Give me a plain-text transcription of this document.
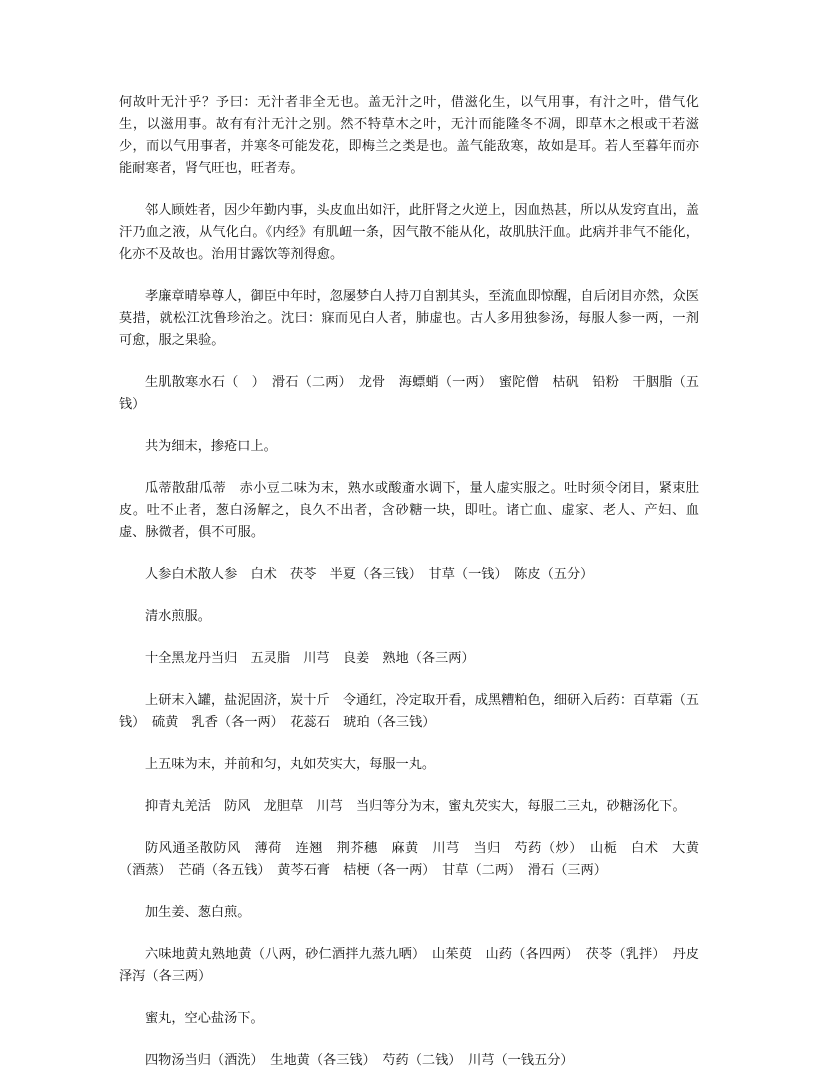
何故叶无汁乎？予曰：无汁者非全无也。盖无汁之叶，借滋化生，以气用事，有汁之叶，借气化生，以滋用事。故有有汁无汁之别。然不特草木之叶，无汁而能隆冬不凋，即草木之根或干若滋少，而以气用事者，并寒冬可能发花，即梅兰之类是也。盖气能敌寒，故如是耳。若人至暮年而亦能耐寒者，肾气旺也，旺者寿。

邻人顾姓者，因少年勤内事，头皮血出如汗，此肝肾之火逆上，因血热甚，所以从发窍直出，盖汗乃血之液，从气化白。《内经》有肌衄一条，因气散不能从化，故肌肤汗血。此病并非气不能化，化亦不及故也。治用甘露饮等剂得愈。

孝廉章晴皋尊人，御臣中年时，忽屡梦白人持刀自割其头，至流血即惊醒，自后闭目亦然，众医莫措，就松江沈鲁珍治之。沈曰：寐而见白人者，肺虚也。古人多用独参汤，每服人参一两，一剂可愈，服之果验。

生肌散寒水石（　）　滑石（二两）　龙骨　海螵蛸（一两）　蜜陀僧　枯矾　铅粉　干胭脂（五钱）

共为细末，掺疮口上。

瓜蒂散甜瓜蒂　赤小豆二味为末，熟水或酸齑水调下，量人虚实服之。吐时须令闭目，紧束肚皮。吐不止者，葱白汤解之，良久不出者，含砂糖一块，即吐。诸亡血、虚家、老人、产妇、血虚、脉微者，俱不可服。

人参白术散人参　白术　茯苓　半夏（各三钱）　甘草（一钱）　陈皮（五分）

清水煎服。

十全黑龙丹当归　五灵脂　川芎　良姜　熟地（各三两）

上研末入罐，盐泥固济，炭十斤　令通红，冷定取开看，成黑糟粕色，细研入后药：百草霜（五钱）　硫黄　乳香（各一两）　花蕊石　琥珀（各三钱）

上五味为末，并前和匀，丸如芡实大，每服一丸。

抑青丸羌活　防风　龙胆草　川芎　当归等分为末，蜜丸芡实大，每服二三丸，砂糖汤化下。

防风通圣散防风　薄荷　连翘　荆芥穗　麻黄　川芎　当归　芍药（炒）　山栀　白术　大黄（酒蒸）　芒硝（各五钱）　黄芩石膏　桔梗（各一两）　甘草（二两）　滑石（三两）

加生姜、葱白煎。

六味地黄丸熟地黄（八两，砂仁酒拌九蒸九晒）　山茱萸　山药（各四两）　茯苓（乳拌）　丹皮　泽泻（各三两）

蜜丸，空心盐汤下。

四物汤当归（酒洗）　生地黄（各三钱）　芍药（二钱）　川芎（一钱五分）
